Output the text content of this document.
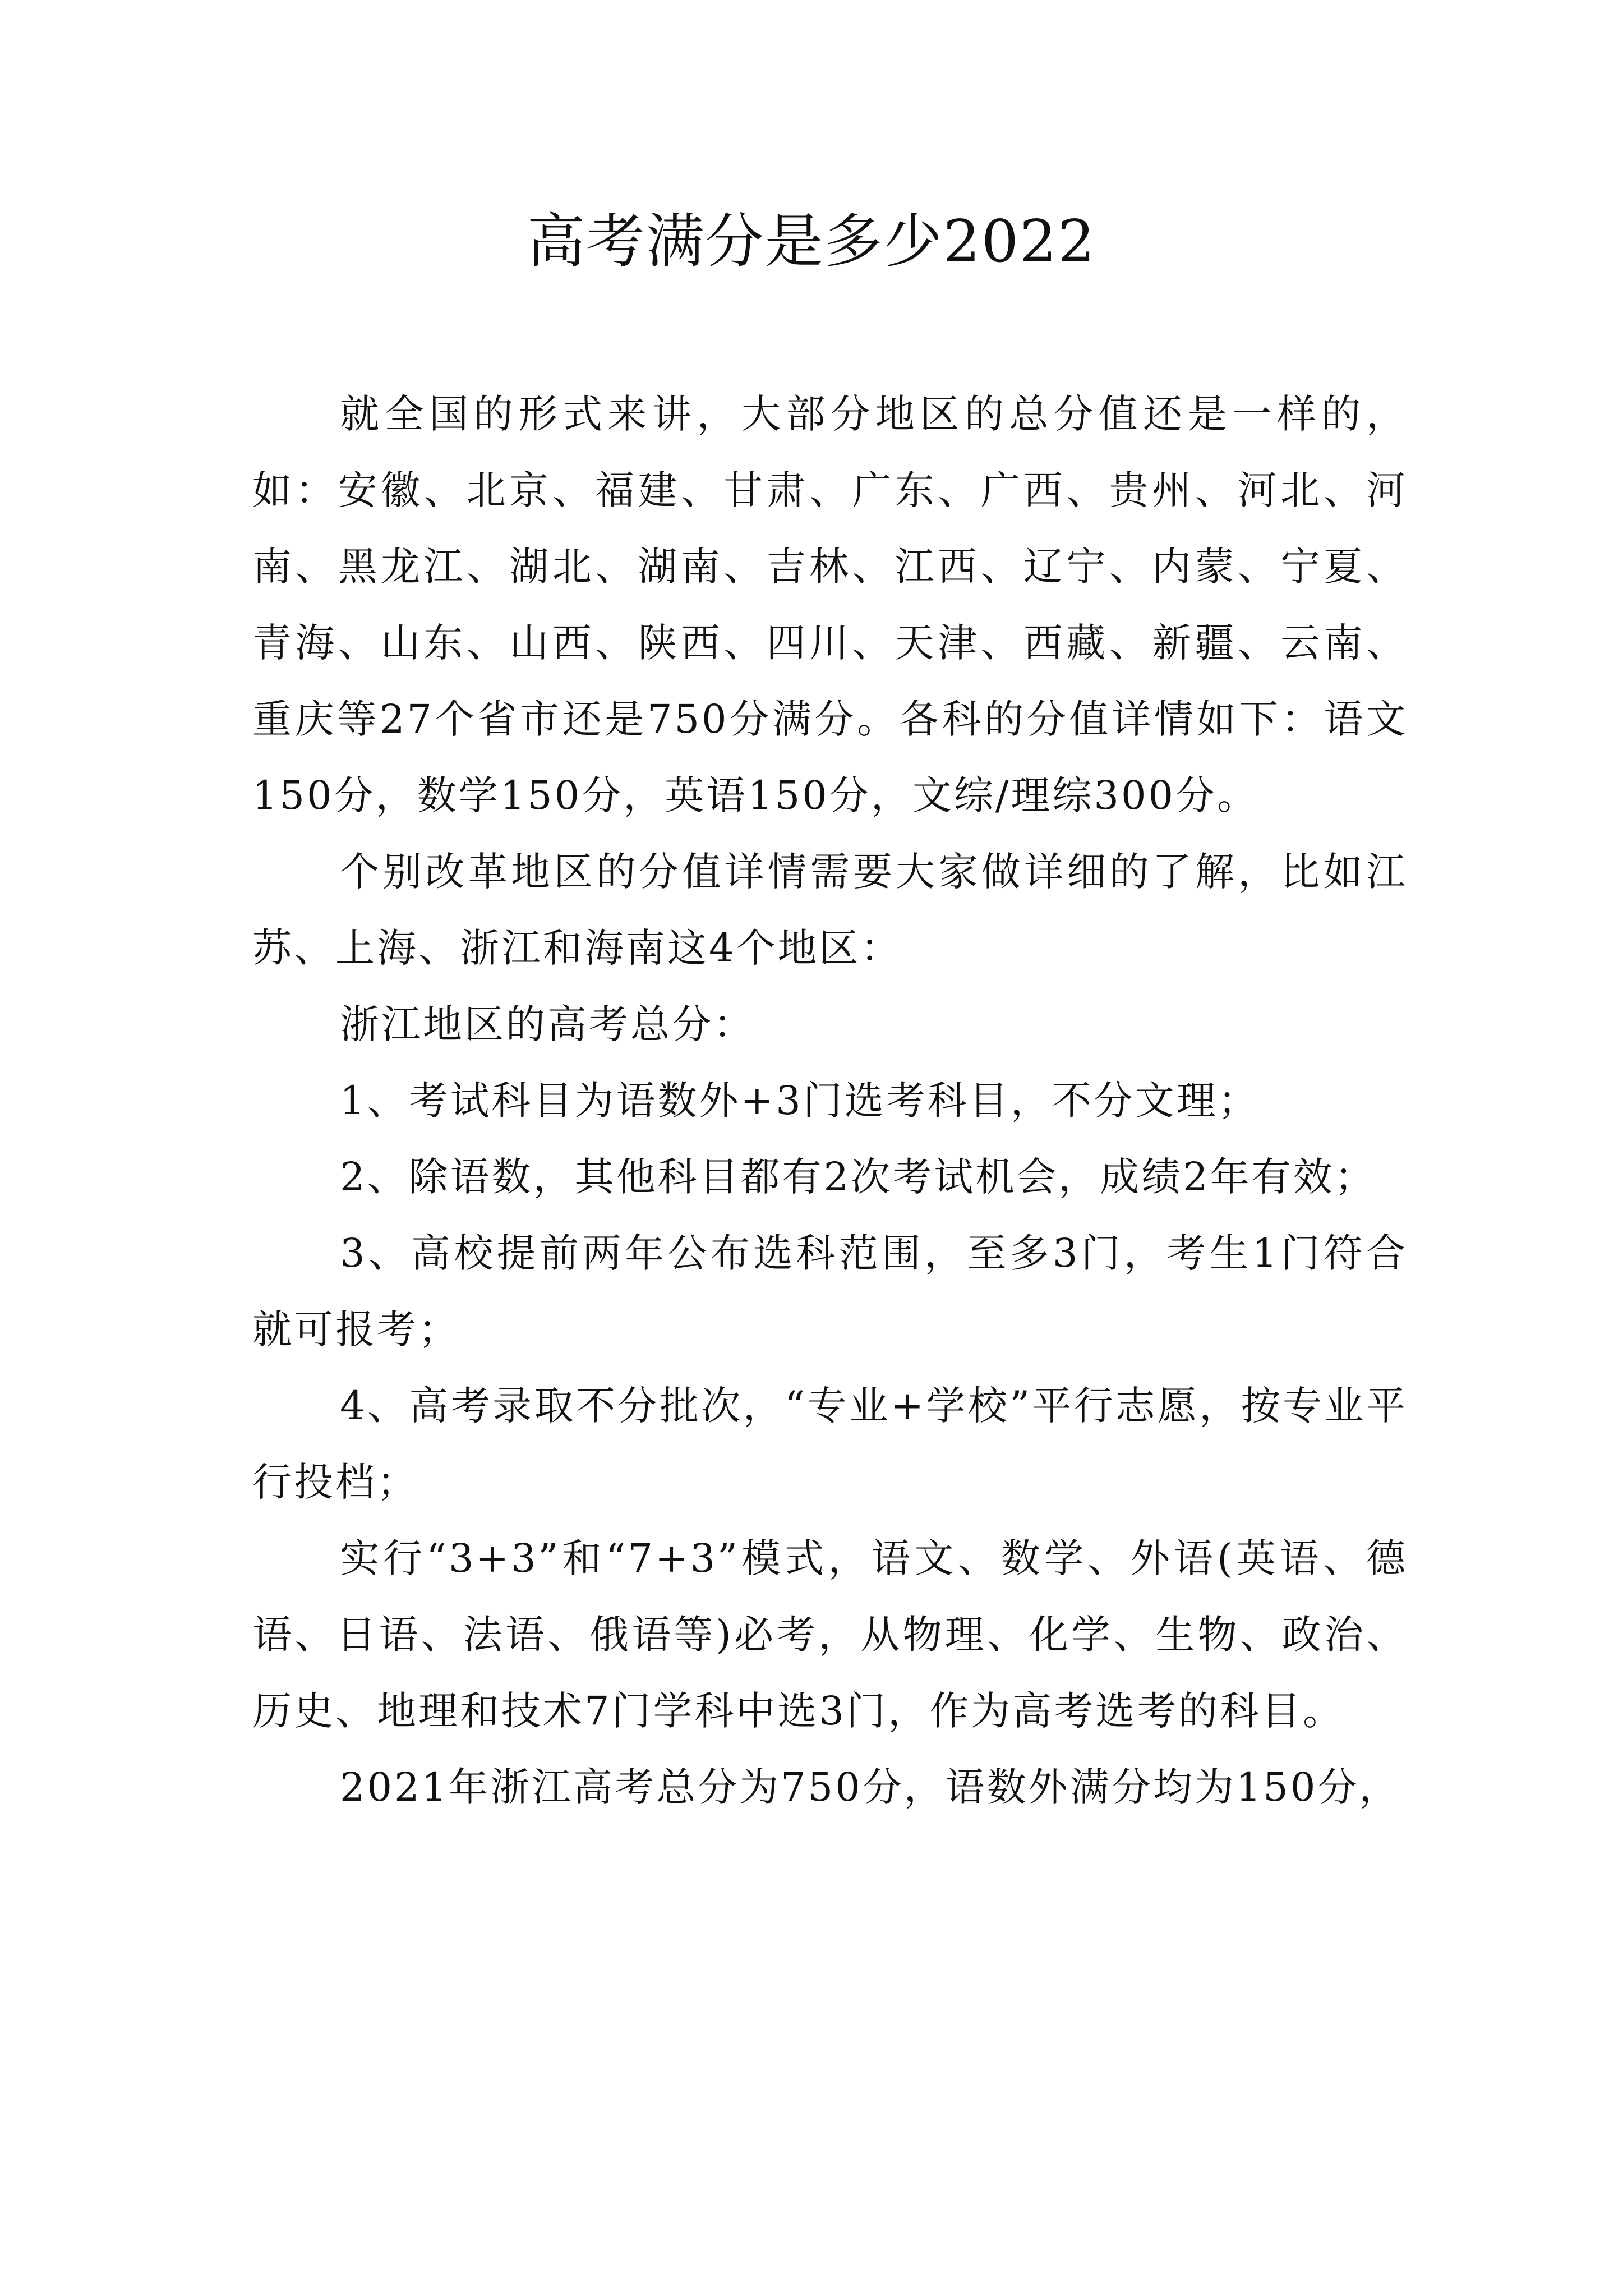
高考满分是多少2022

就全国的形式来讲，大部分地区的总分值还是一样的，如：安徽、北京、福建、甘肃、广东、广西、贵州、河北、河南、黑龙江、湖北、湖南、吉林、江西、辽宁、内蒙、宁夏、青海、山东、山西、陕西、四川、天津、西藏、新疆、云南、重庆等27个省市还是750分满分。各科的分值详情如下：语文150分，数学150分，英语150分，文综/理综300分。

个别改革地区的分值详情需要大家做详细的了解，比如江苏、上海、浙江和海南这4个地区：

浙江地区的高考总分：

1、考试科目为语数外+3门选考科目，不分文理；

2、除语数，其他科目都有2次考试机会，成绩2年有效；

3、高校提前两年公布选科范围，至多3门，考生1门符合就可报考；

4、高考录取不分批次，“专业+学校”平行志愿，按专业平行投档；

实行“3+3”和“7+3”模式，语文、数学、外语(英语、德语、日语、法语、俄语等)必考，从物理、化学、生物、政治、历史、地理和技术7门学科中选3门，作为高考选考的科目。

2021年浙江高考总分为750分，语数外满分均为150分，
